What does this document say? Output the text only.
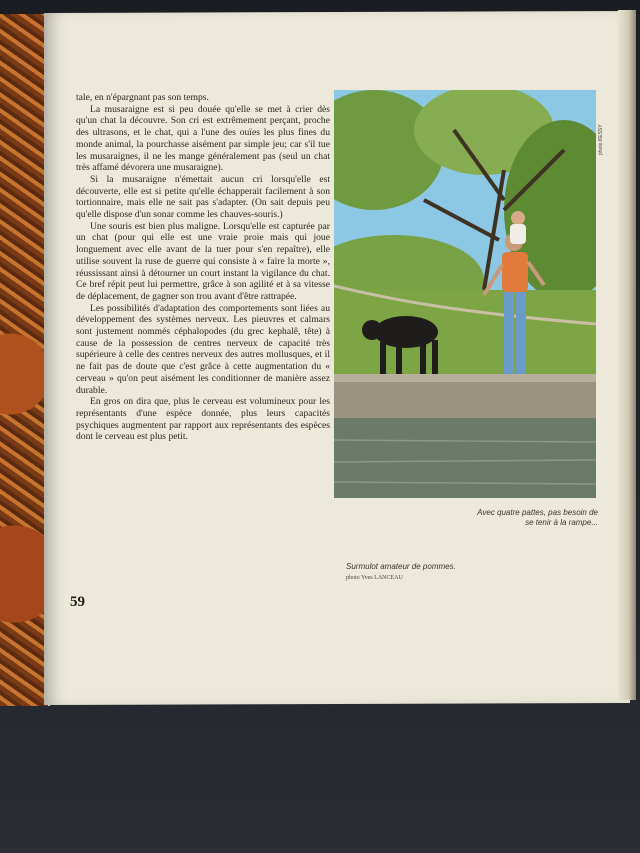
tale, en n'épargnant pas son temps.

La musaraigne est si peu douée qu'elle se met à crier dès qu'un chat la découvre. Son cri est extrêmement perçant, proche des ultrasons, et le chat, qui a l'une des ouïes les plus fines du monde animal, la pourchasse aisément par simple jeu; car s'il tue les musaraignes, il ne les mange généralement pas (seul un chat très affamé dévorera une musaraigne).

Si la musaraigne n'émettait aucun cri lorsqu'elle est découverte, elle est si petite qu'elle échapperait facilement à son tortionnaire, mais elle ne sait pas s'adapter. (On sait depuis peu qu'elle dispose d'un sonar comme les chauves-souris.)

Une souris est bien plus maligne. Lorsqu'elle est capturée par un chat (pour qui elle est une vraie proie mais qui joue longuement avec elle avant de la tuer pour s'en repaître), elle utilise souvent la ruse de guerre qui consiste à « faire la morte », réussissant ainsi à détourner un court instant la vigilance du chat. Ce bref répit peut lui permettre, grâce à son agilité et à sa vitesse de déplacement, de gagner son trou avant d'être rattrapée.

Les possibilités d'adaptation des comportements sont liées au développement des systèmes nerveux. Les pieuvres et calmars sont justement nommés céphalopodes (du grec kephalê, tête) à cause de la possession de centres nerveux de capacité très supérieure à celle des centres nerveux des autres mollusques, et il ne fait pas de doute que c'est grâce à cette augmentation du « cerveau » qu'on peut aisément les conditionner de manière assez durable.

En gros on dira que, plus le cerveau est volumineux pour les représentants d'une espèce donnée, plus leurs capacités psychiques augmentent par rapport aux représentants des espèces dont le cerveau est plus petit.

59
photo KESSY
Avec quatre pattes, pas besoin de se tenir à la rampe...
Surmulot amateur de pommes.
photo Yves LANCEAU
